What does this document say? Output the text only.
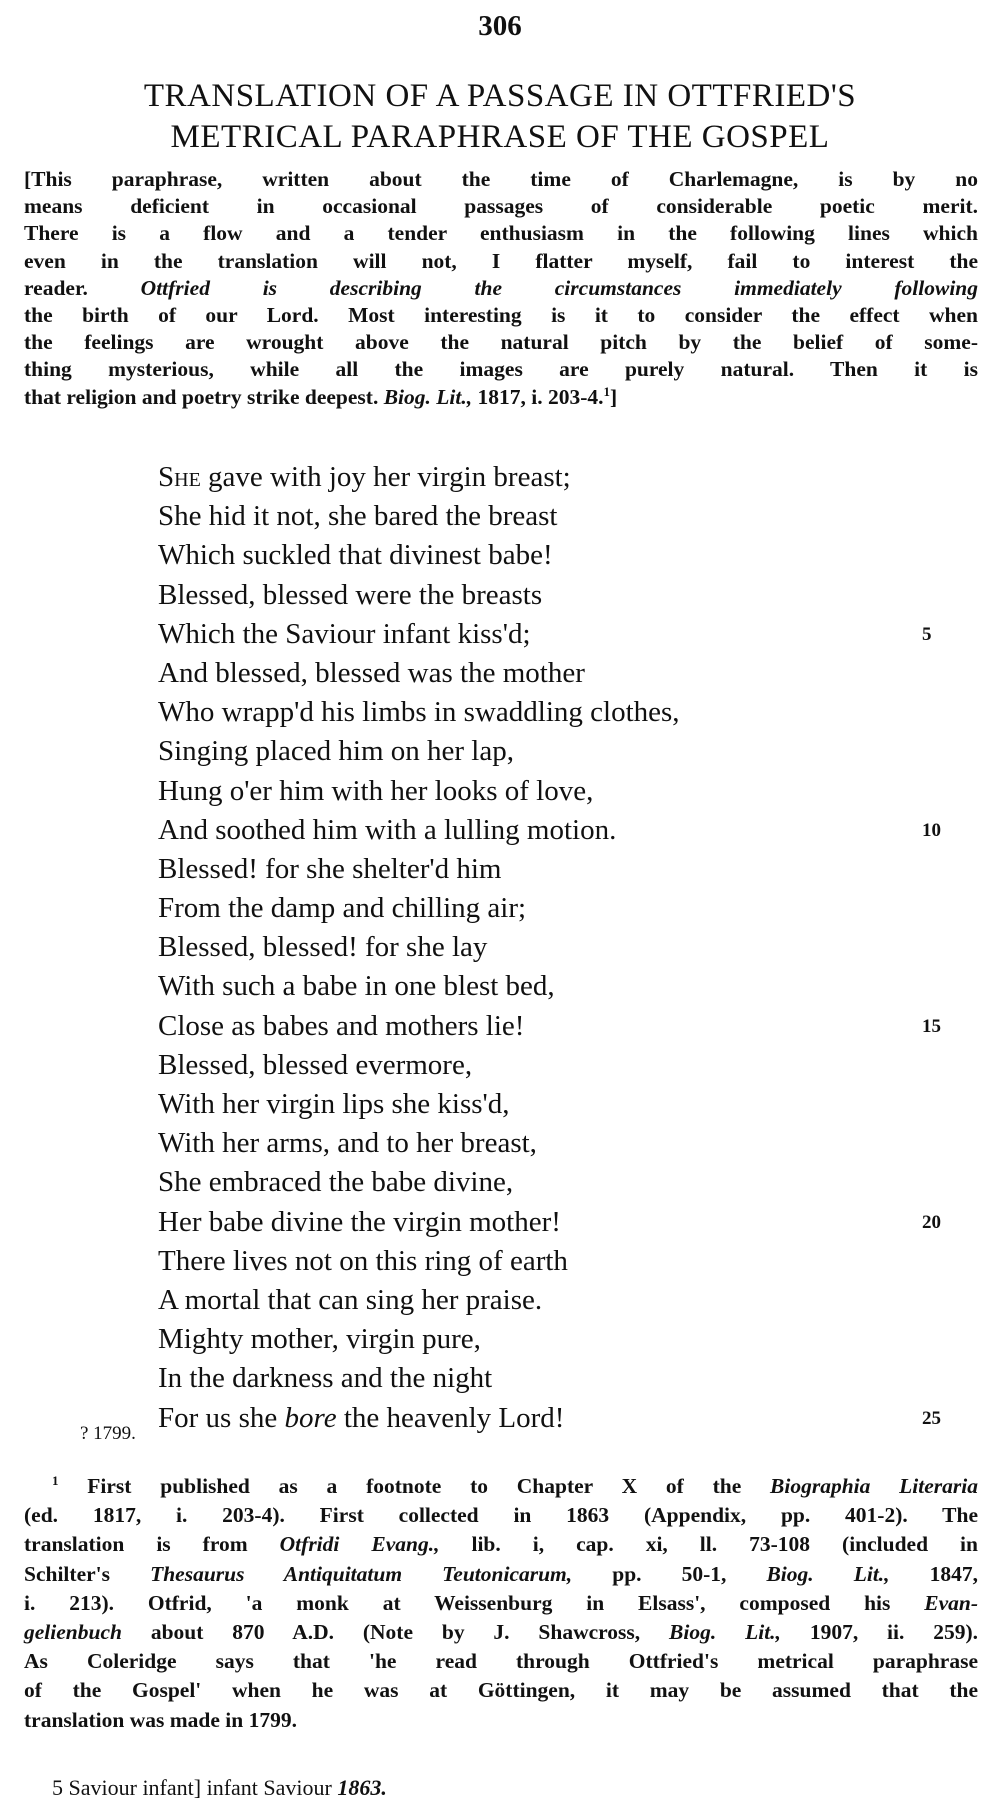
306
TRANSLATION OF A PASSAGE IN OTTFRIED'S
METRICAL PARAPHRASE OF THE GOSPEL
[This paraphrase, written about the time of Charlemagne, is by no
means deficient in occasional passages of considerable poetic merit.
There is a flow and a tender enthusiasm in the following lines which
even in the translation will not, I flatter myself, fail to interest the
reader. Ottfried is describing the circumstances immediately following
the birth of our Lord. Most interesting is it to consider the effect when
the feelings are wrought above the natural pitch by the belief of some-
thing mysterious, while all the images are purely natural. Then it is
that religion and poetry strike deepest. Biog. Lit., 1817, i. 203-4.$^1$]
She gave with joy her virgin breast;
She hid it not, she bared the breast
Which suckled that divinest babe!
Blessed, blessed were the breasts
Which the Saviour infant kiss'd;	5
And blessed, blessed was the mother
Who wrapp'd his limbs in swaddling clothes,
Singing placed him on her lap,
Hung o'er him with her looks of love,
And soothed him with a lulling motion.	10
Blessed! for she shelter'd him
From the damp and chilling air;
Blessed, blessed! for she lay
With such a babe in one blest bed,
Close as babes and mothers lie!	15
Blessed, blessed evermore,
With her virgin lips she kiss'd,
With her arms, and to her breast,
She embraced the babe divine,
Her babe divine the virgin mother!	20
There lives not on this ring of earth
A mortal that can sing her praise.
Mighty mother, virgin pure,
In the darkness and the night
For us she bore the heavenly Lord!	25
? 1799.
$^1$ First published as a footnote to Chapter X of the Biographia Literaria
(ed. 1817, i. 203-4). First collected in 1863 (Appendix, pp. 401-2). The
translation is from Otfridi Evang., lib. i, cap. xi, ll. 73-108 (included in
Schilter's Thesaurus Antiquitatum Teutonicarum, pp. 50-1, Biog. Lit., 1847,
i. 213). Otfrid, 'a monk at Weissenburg in Elsass', composed his Evan-
gelienbuch about 870 A.D. (Note by J. Shawcross, Biog. Lit., 1907, ii. 259).
As Coleridge says that 'he read through Ottfried's metrical paraphrase
of the Gospel' when he was at Göttingen, it may be assumed that the
translation was made in 1799.
5 Saviour infant] infant Saviour 1863.
